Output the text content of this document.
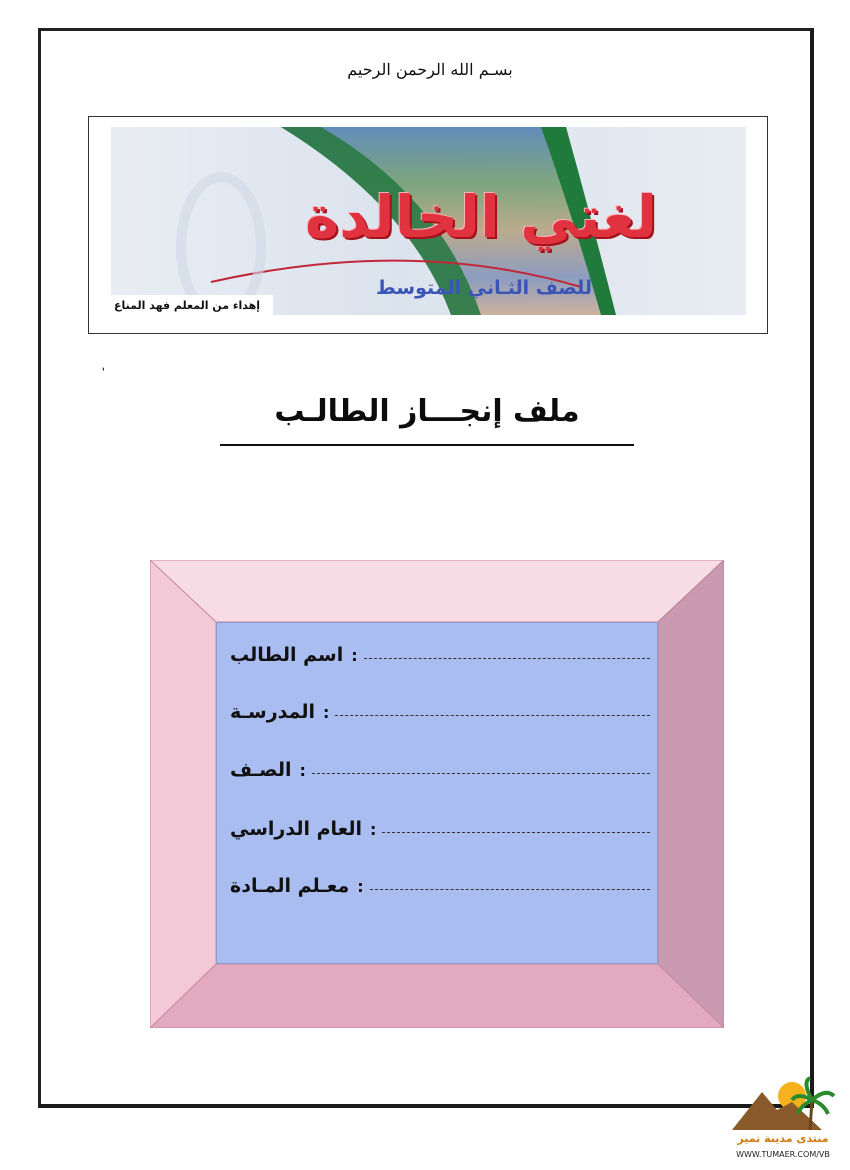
بسـم الله الرحمن الرحيم
لغتي الخالدة
للصف الثـاني المتوسط
إهداء من المعلم فهد المناع
ملف إنجـــاز الطالـب
اسم الطالب :
المدرسـة :
الصـف :
العام الدراسي :
معـلم المـادة :
منتدى مدينة تمير
WWW.TUMAER.COM/VB
